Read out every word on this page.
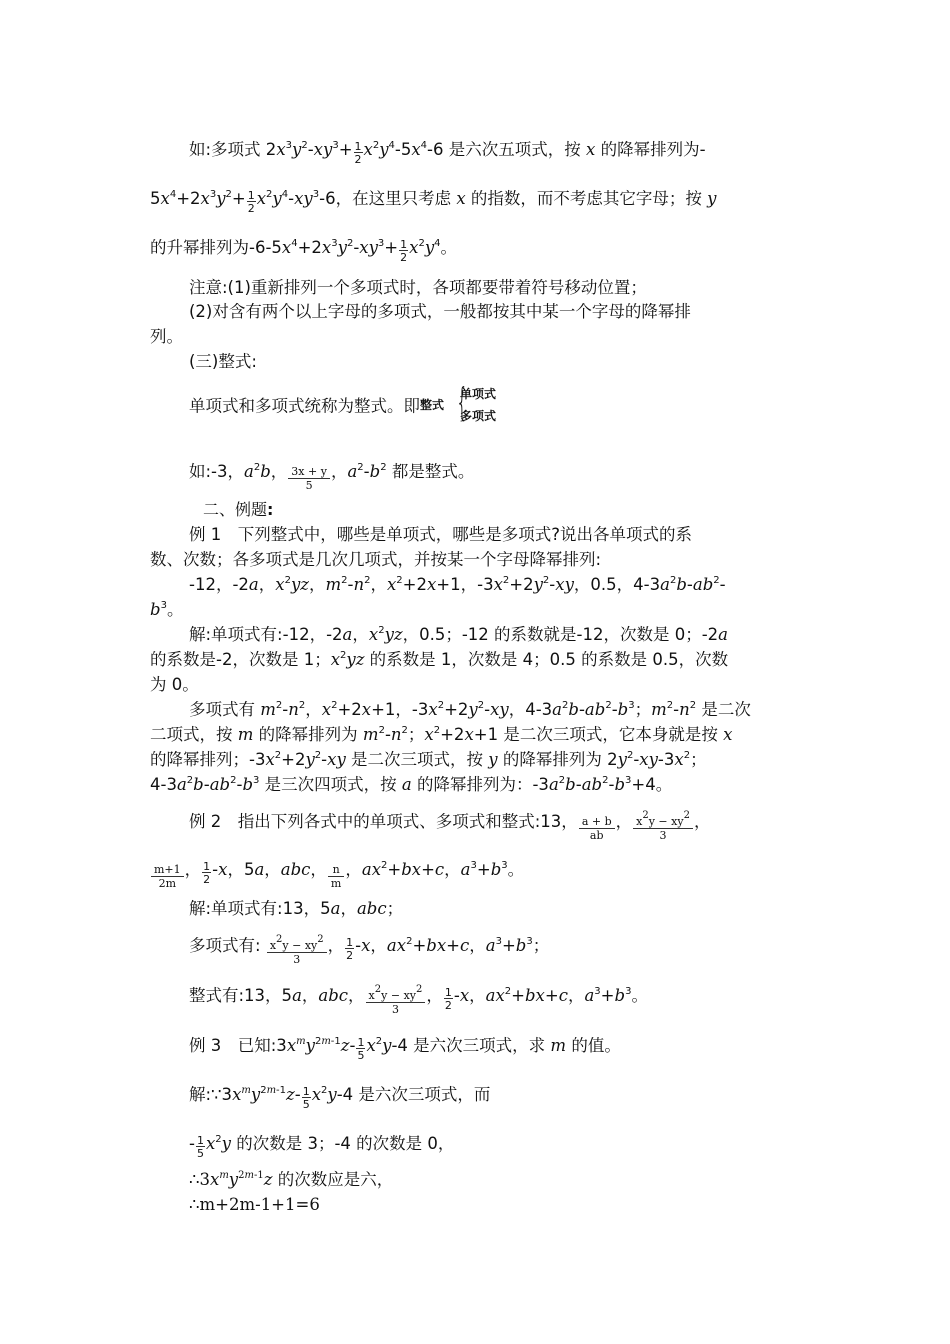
如:多项式 $2x^3y^2-xy^3+ \frac{1}{2} x^2y^4-5x^4-6$ 是六次五项式，按 x 的降幂排列为-
$5x^4+2x^3y^2+ \frac{1}{2} x^2y^4-xy^3-6$，在这里只考虑 x 的指数，而不考虑其它字母；按 y
的升幂排列为$-6-5x^4+2x^3y^2-xy^3+ \frac{1}{2} x^2y^4$。
注意:(1)重新排列一个多项式时，各项都要带着符号移动位置；
(2)对含有两个以上字母的多项式，一般都按其中某一个字母的降幂排
列。
(三)整式:
单项式和多项式统称为整式。即 整式 {
单项式
多项式
如:-3，$a^2b$， $\frac{3x + y}{5}$ ，$a^2-b^2$ 都是整式。
二、例题:
例 1　下列整式中，哪些是单项式，哪些是多项式?说出各单项式的系
数、次数；各多项式是几次几项式，并按某一个字母降幂排列:
-12，-2a，$x^2yz$，$m^2-n^2$，$x^2+2x+1$，$-3x^2+2y^2-xy$，0.5，$4-3a^2b-ab^2-$
$b^3$。
解:单项式有:-12，-2a，$x^2yz$，0.5；-12 的系数就是-12，次数是 0；-2a
的系数是-2，次数是 1；$x^2yz$ 的系数是 1，次数是 4；0.5 的系数是 0.5，次数
为 0。
多项式有 $m^2-n^2$，$x^2+2x+1$，$-3x^2+2y^2-xy$，$4-3a^2b-ab^2-b^3$；$m^2-n^2$ 是二次
二项式，按 m 的降幂排列为 $m^2-n^2$；$x^2+2x+1$ 是二次三项式，它本身就是按 x
的降幂排列；$-3x^2+2y^2-xy$ 是二次三项式，按 y 的降幂排列为 $2y^2-xy-3x^2$；
$4-3a^2b-ab^2-b^3$ 是三次四项式，按 a 的降幂排列为：$-3a^2b-ab^2-b^3+4$。
例 2　指出下列各式中的单项式、多项式和整式:13， $\frac{a + b}{ab}$ ， $\frac{x^2y - xy^2}{3}$ ，
$\frac{m+1}{2m}$ ， $\frac{1}{2} -x$，5a，abc， $\frac{n}{m}$ ，$ax^2+bx+c$，$a^3+b^3$。
解:单项式有:13，5a，abc；
多项式有: $\frac{x^2y - xy^2}{3}$ ， $\frac{1}{2} -x$，$ax^2+bx+c$，$a^3+b^3$；
整式有:13，5a，abc， $\frac{x^2y - xy^2}{3}$ ， $\frac{1}{2} -x$，$ax^2+bx+c$，$a^3+b^3$。
例 3　已知$:3x^my^{2m-1}z- \frac{1}{5} x^2y-4$ 是六次三项式，求 m 的值。
解$:\because 3x^my^{2m-1}z- \frac{1}{5} x^2y-4$ 是六次三项式，而
- $\frac{1}{5} x^2y$ 的次数是 3；-4 的次数是 0，
$\therefore 3x^my^{2m-1}z$ 的次数应是六，
∴m+2m-1+1=6
